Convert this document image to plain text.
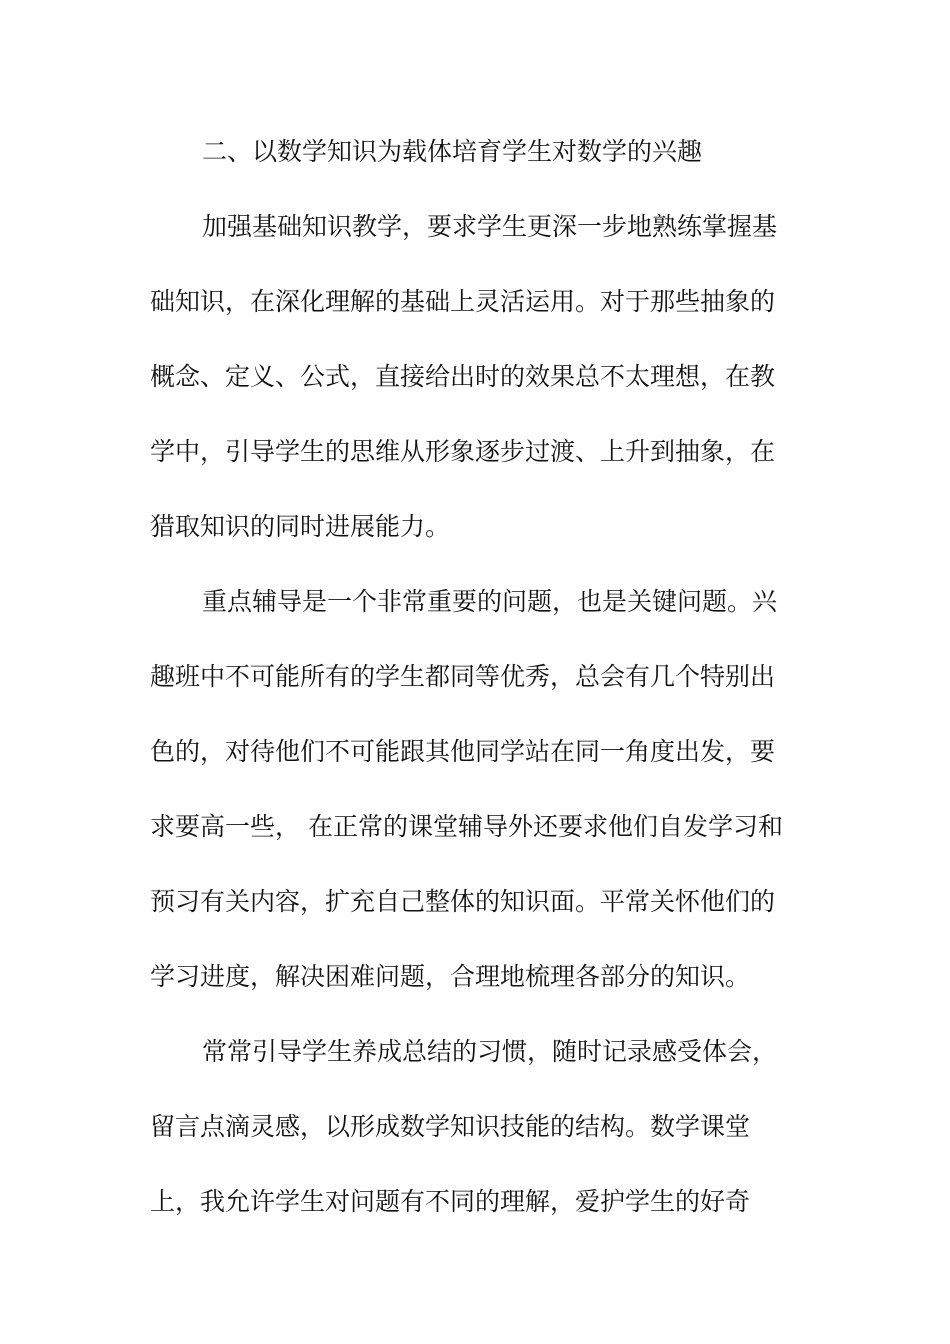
二、以数学知识为载体培育学生对数学的兴趣

加强基础知识教学，要求学生更深一步地熟练掌握基

础知识，在深化理解的基础上灵活运用。对于那些抽象的

概念、定义、公式，直接给出时的效果总不太理想，在教

学中，引导学生的思维从形象逐步过渡、上升到抽象，在

猎取知识的同时进展能力。

重点辅导是一个非常重要的问题，也是关键问题。兴

趣班中不可能所有的学生都同等优秀，总会有几个特别出

色的，对待他们不可能跟其他同学站在同一角度出发，要

求要高一些， 在正常的课堂辅导外还要求他们自发学习和

预习有关内容，扩充自己整体的知识面。平常关怀他们的

学习进度，解决困难问题，合理地梳理各部分的知识。

常常引导学生养成总结的习惯，随时记录感受体会，

留言点滴灵感，以形成数学知识技能的结构。数学课堂

上，我允许学生对问题有不同的理解，爱护学生的好奇
